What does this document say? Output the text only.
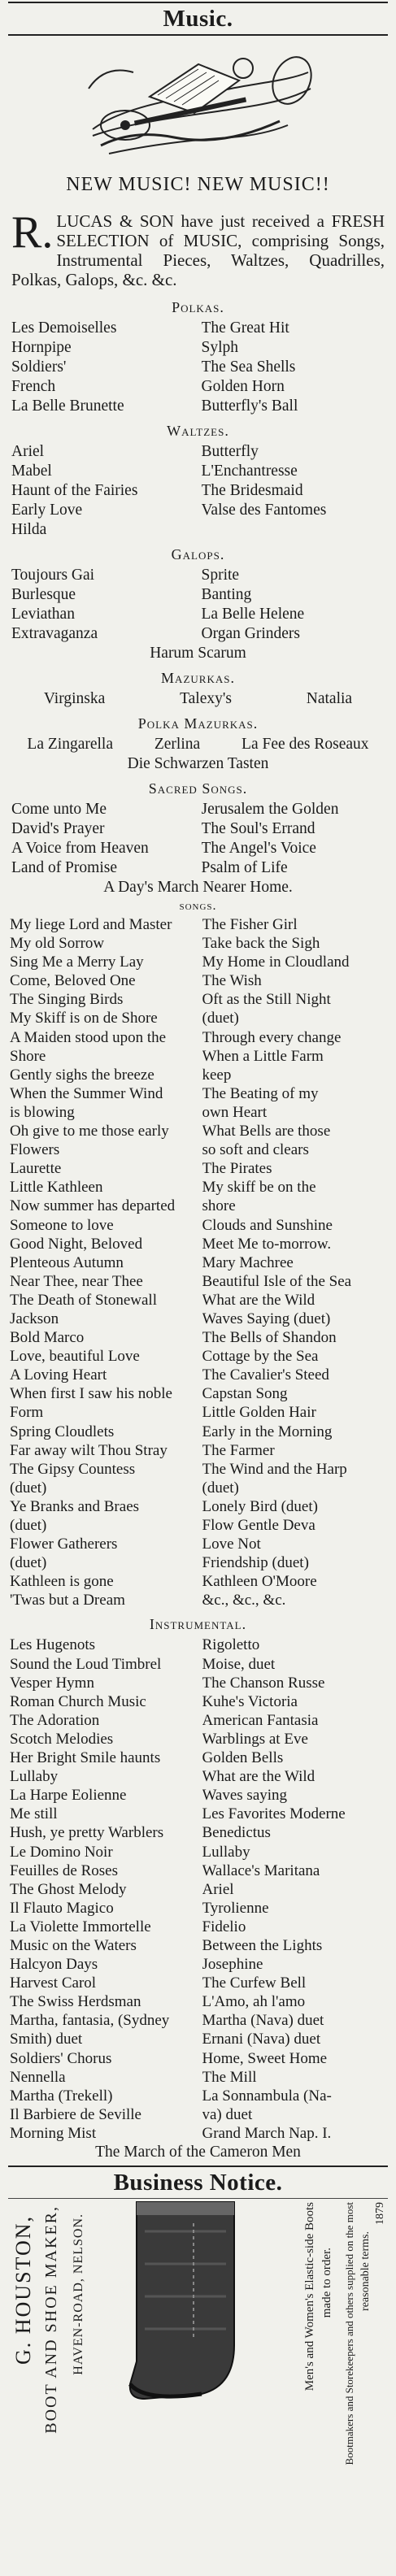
Music.
NEW MUSIC! NEW MUSIC!!
R. LUCAS & SON have just received a FRESH SELECTION of MUSIC, comprising Songs, Instrumental Pieces, Waltzes, Quadrilles, Polkas, Galops, &c. &c.
Polkas.
Les Demoiselles	The Great Hit
Hornpipe	Sylph
Soldiers'	The Sea Shells
French	Golden Horn
La Belle Brunette	Butterfly's Ball
Waltzes.
Ariel	Butterfly
Mabel	L'Enchantresse
Haunt of the Fairies	The Bridesmaid
Early Love	Valse des Fantomes
Hilda
Galops.
Toujours Gai	Sprite
Burlesque	Banting
Leviathan	La Belle Helene
Extravaganza	Organ Grinders
Harum Scarum
Mazurkas.
Virginska	Talexy's	Natalia
Polka Mazurkas.
La Zingarella	Zerlina	La Fee des Roseaux
Die Schwarzen Tasten
Sacred Songs.
Come unto Me	Jerusalem the Golden
David's Prayer	The Soul's Errand
A Voice from Heaven	The Angel's Voice
Land of Promise	Psalm of Life
A Day's March Nearer Home.
songs.
My liege Lord and Master	The Fisher Girl
My old Sorrow	Take back the Sigh
Sing Me a Merry Lay	My Home in Cloudland
Come, Beloved One	The Wish
The Singing Birds	Oft as the Still Night
My Skiff is on de Shore	(duet)
A Maiden stood upon the	Through every change
Shore	When a Little Farm
Gently sighs the breeze	keep
When the Summer Wind	The Beating of my
is blowing	own Heart
Oh give to me those early	What Bells are those
Flowers	so soft and clears
Laurette	The Pirates
Little Kathleen	My skiff be on the
Now summer has departed	shore
Someone to love	Clouds and Sunshine
Good Night, Beloved	Meet Me to-morrow.
Plenteous Autumn	Mary Machree
Near Thee, near Thee	Beautiful Isle of the Sea
The Death of Stonewall	What are the Wild
Jackson	Waves Saying (duet)
Bold Marco	The Bells of Shandon
Love, beautiful Love	Cottage by the Sea
A Loving Heart	The Cavalier's Steed
When first I saw his noble	Capstan Song
Form	Little Golden Hair
Spring Cloudlets	Early in the Morning
Far away wilt Thou Stray	The Farmer
The Gipsy Countess	The Wind and the Harp
(duet)	(duet)
Ye Branks and Braes	Lonely Bird (duet)
(duet)	Flow Gentle Deva
Flower Gatherers	Love Not
(duet)	Friendship (duet)
Kathleen is gone	Kathleen O'Moore
'Twas but a Dream	&c., &c., &c.
Instrumental.
Les Hugenots	Rigoletto
Sound the Loud Timbrel	Moise, duet
Vesper Hymn	The Chanson Russe
Roman Church Music	Kuhe's Victoria
The Adoration	American Fantasia
Scotch Melodies	Warblings at Eve
Her Bright Smile haunts	Golden Bells
Lullaby	What are the Wild
La Harpe Eolienne	Waves saying
Me still	Les Favorites Moderne
Hush, ye pretty Warblers	Benedictus
Le Domino Noir	Lullaby
Feuilles de Roses	Wallace's Maritana
The Ghost Melody	Ariel
Il Flauto Magico	Tyrolienne
La Violette Immortelle	Fidelio
Music on the Waters	Between the Lights
Halcyon Days	Josephine
Harvest Carol	The Curfew Bell
The Swiss Herdsman	L'Amo, ah l'amo
Martha, fantasia, (Sydney	Martha (Nava) duet
Smith) duet	Ernani (Nava) duet
Soldiers' Chorus	Home, Sweet Home
Nennella	The Mill
Martha (Trekell)	La Sonnambula (Na-
Il Barbiere de Seville	va) duet
Morning Mist	Grand March Nap. I.
The March of the Cameron Men
Business Notice.
G. HOUSTON, BOOT AND SHOE MAKER, HAVEN-ROAD, NELSON.	Men's and Women's Elastic-side Boots made to order. Bootmakers and Storekeepers and others supplied on the most reasonable terms.
1879
